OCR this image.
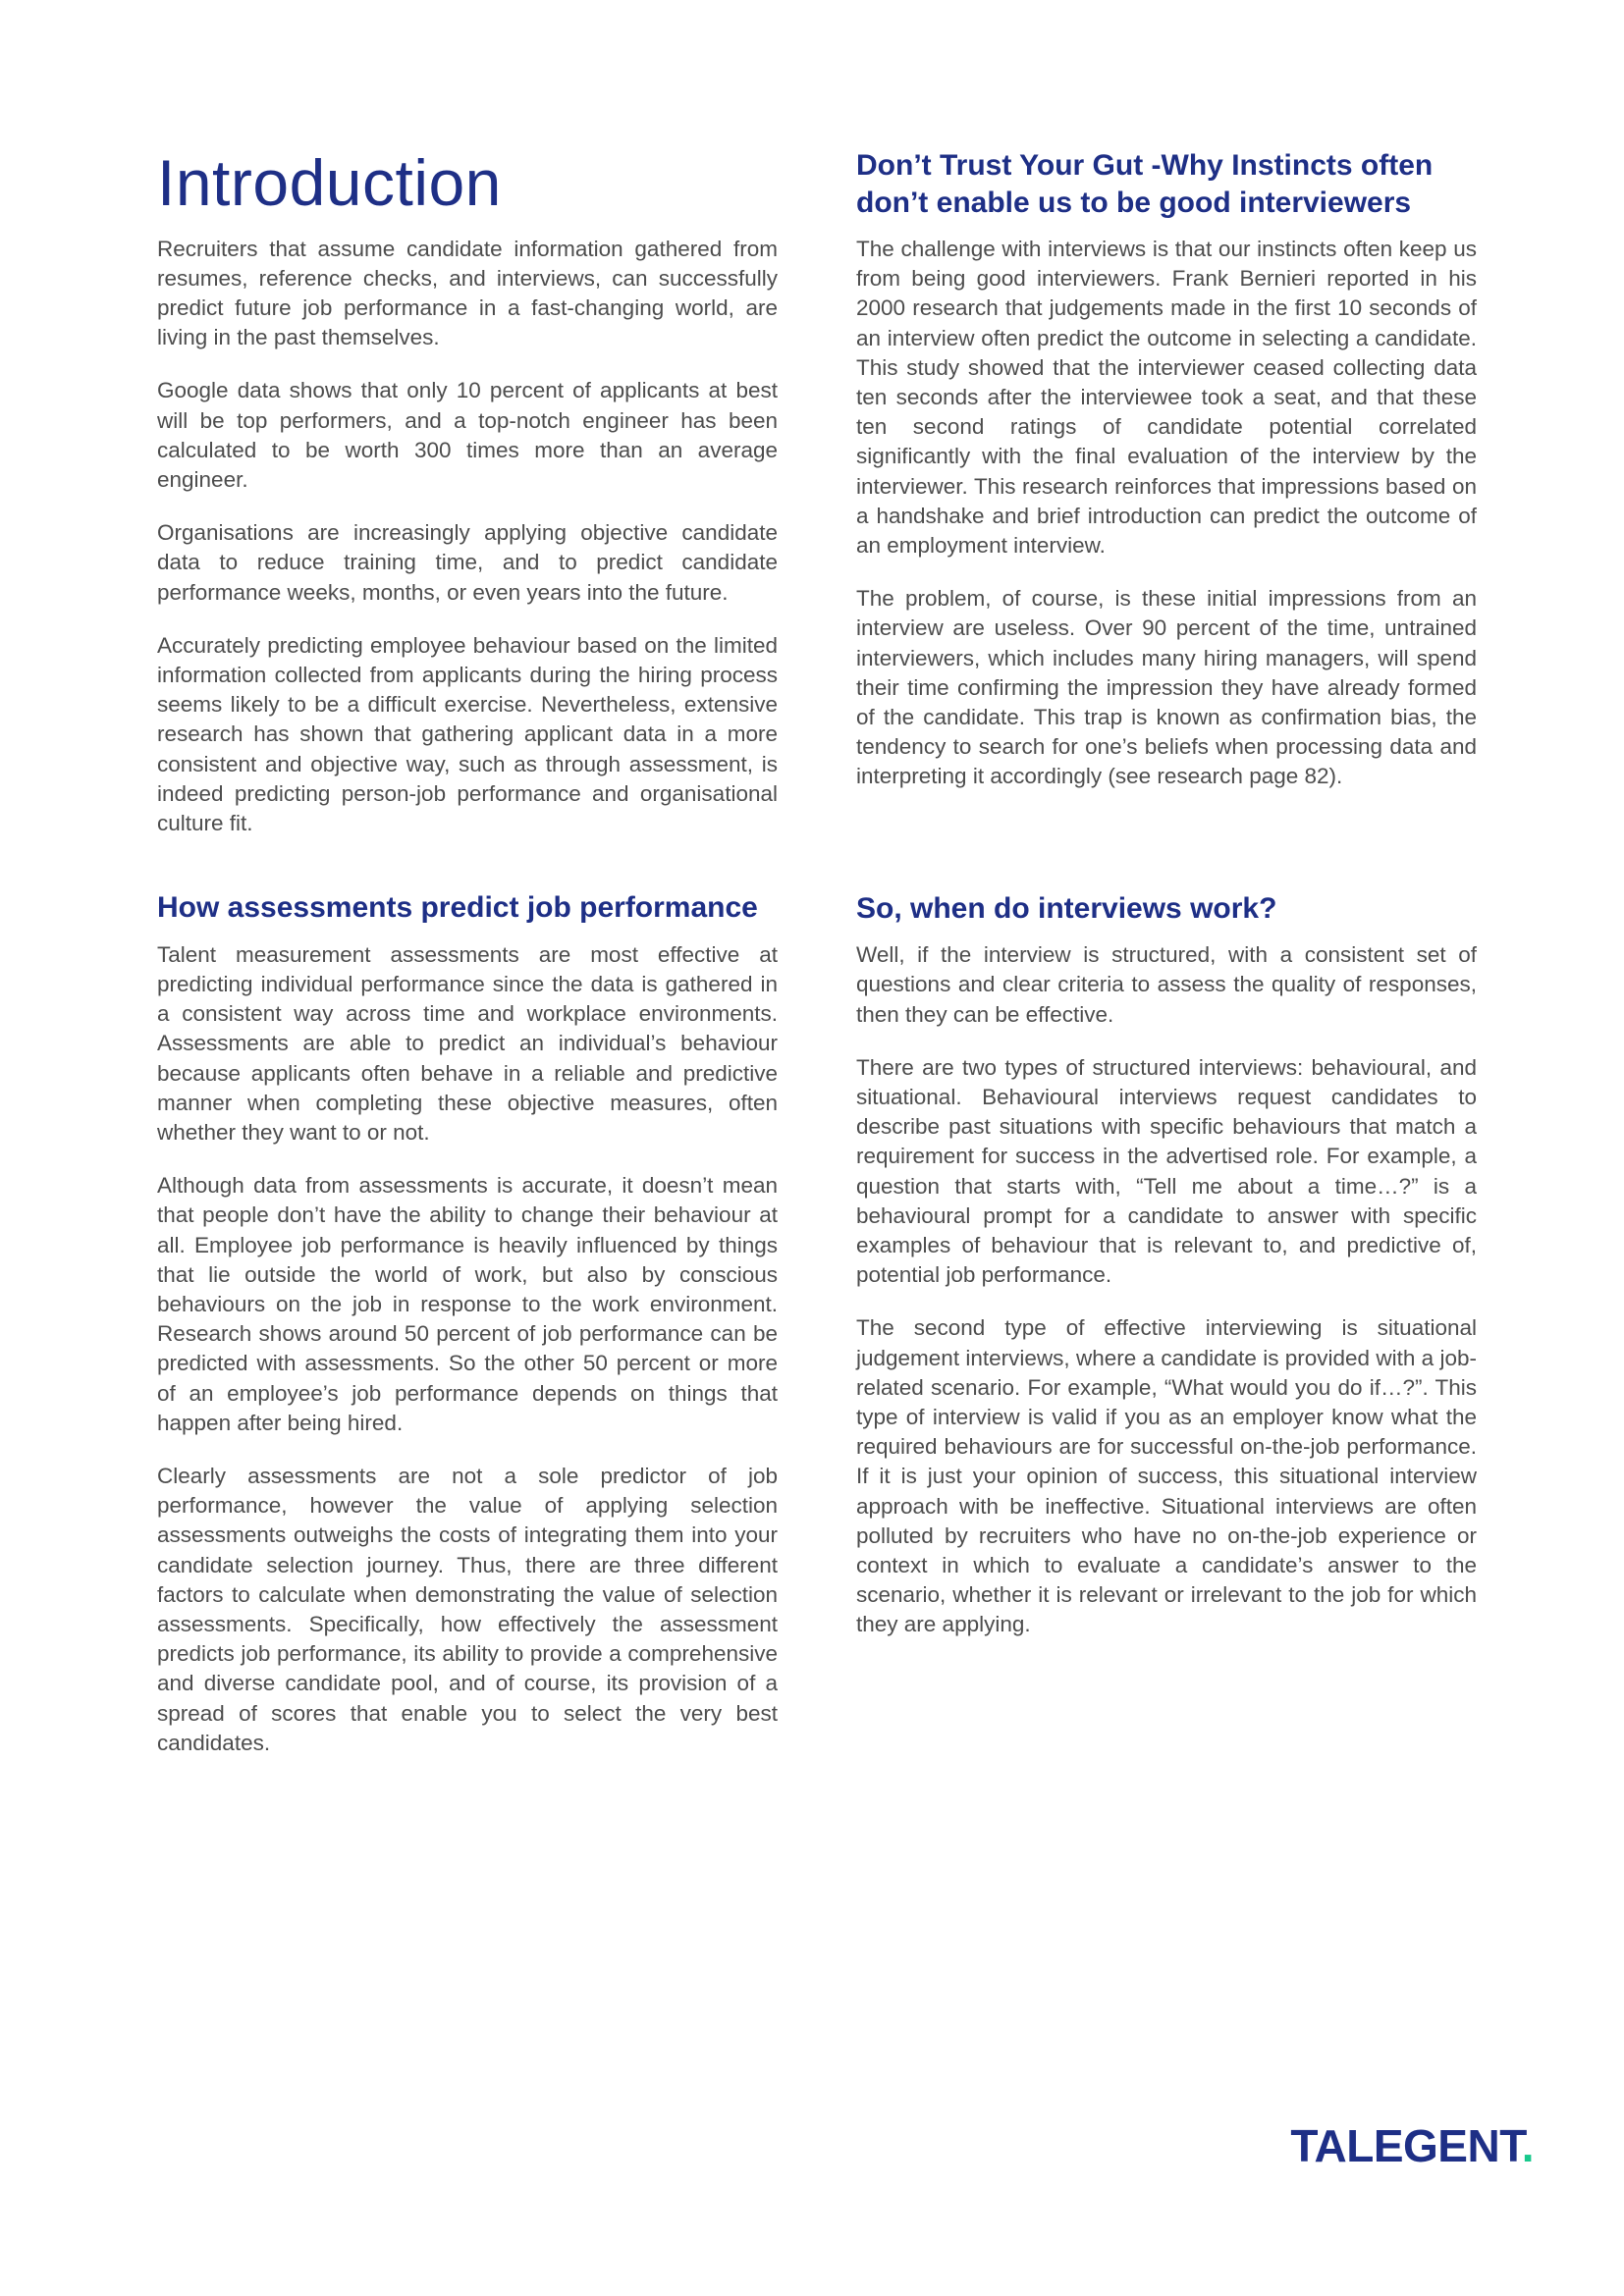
Introduction

Recruiters that assume candidate information gathered from resumes, reference checks, and interviews, can successfully predict future job performance in a fast-changing world, are living in the past themselves.

Google data shows that only 10 percent of applicants at best will be top performers, and a top-notch engineer has been calculated to be worth 300 times more than an average engineer.

Organisations are increasingly applying objective candidate data to reduce training time, and to predict candidate performance weeks, months, or even years into the future.

Accurately predicting employee behaviour based on the limited information collected from applicants during the hiring process seems likely to be a difficult exercise. Nevertheless, extensive research has shown that gathering applicant data in a more consistent and objective way, such as through assessment, is indeed predicting person-job performance and organisational culture fit.

How assessments predict job performance

Talent measurement assessments are most effective at predicting individual performance since the data is gathered in a consistent way across time and workplace environments. Assessments are able to predict an individual’s behaviour because applicants often behave in a reliable and predictive manner when completing these objective measures, often whether they want to or not.

Although data from assessments is accurate, it doesn’t mean that people don’t have the ability to change their behaviour at all. Employee job performance is heavily influenced by things that lie outside the world of work, but also by conscious behaviours on the job in response to the work environment. Research shows around 50 percent of job performance can be predicted with assessments. So the other 50 percent or more of an employee’s job performance depends on things that happen after being hired.

Clearly assessments are not a sole predictor of job performance, however the value of applying selection assessments outweighs the costs of integrating them into your candidate selection journey. Thus, there are three different factors to calculate when demonstrating the value of selection assessments. Specifically, how effectively the assessment predicts job performance, its ability to provide a comprehensive and diverse candidate pool, and of course, its provision of a spread of scores that enable you to select the very best candidates.

Don’t Trust Your Gut -Why Instincts often don’t enable us to be good interviewers

The challenge with interviews is that our instincts often keep us from being good interviewers. Frank Bernieri reported in his 2000 research that judgements made in the first 10 seconds of an interview often predict the outcome in selecting a candidate. This study showed that the interviewer ceased collecting data ten seconds after the interviewee took a seat, and that these ten second ratings of candidate potential correlated significantly with the final evaluation of the interview by the interviewer. This research reinforces that impressions based on a handshake and brief introduction can predict the outcome of an employment interview.

The problem, of course, is these initial impressions from an interview are useless. Over 90 percent of the time, untrained interviewers, which includes many hiring managers, will spend their time confirming the impression they have already formed of the candidate. This trap is known as confirmation bias, the tendency to search for one’s beliefs when processing data and interpreting it accordingly (see research page 82).

So, when do interviews work?

Well, if the interview is structured, with a consistent set of questions and clear criteria to assess the quality of responses, then they can be effective.

There are two types of structured interviews: behavioural, and situational. Behavioural interviews request candidates to describe past situations with specific behaviours that match a requirement for success in the advertised role. For example, a question that starts with, “Tell me about a time…?” is a behavioural prompt for a candidate to answer with specific examples of behaviour that is relevant to, and predictive of, potential job performance.

The second type of effective interviewing is situational judgement interviews, where a candidate is provided with a job-related scenario. For example, “What would you do if…?”. This type of interview is valid if you as an employer know what the required behaviours are for successful on-the-job performance. If it is just your opinion of success, this situational interview approach with be ineffective. Situational interviews are often polluted by recruiters who have no on-the-job experience or context in which to evaluate a candidate’s answer to the scenario, whether it is relevant or irrelevant to the job for which they are applying.

TALEGENT.
